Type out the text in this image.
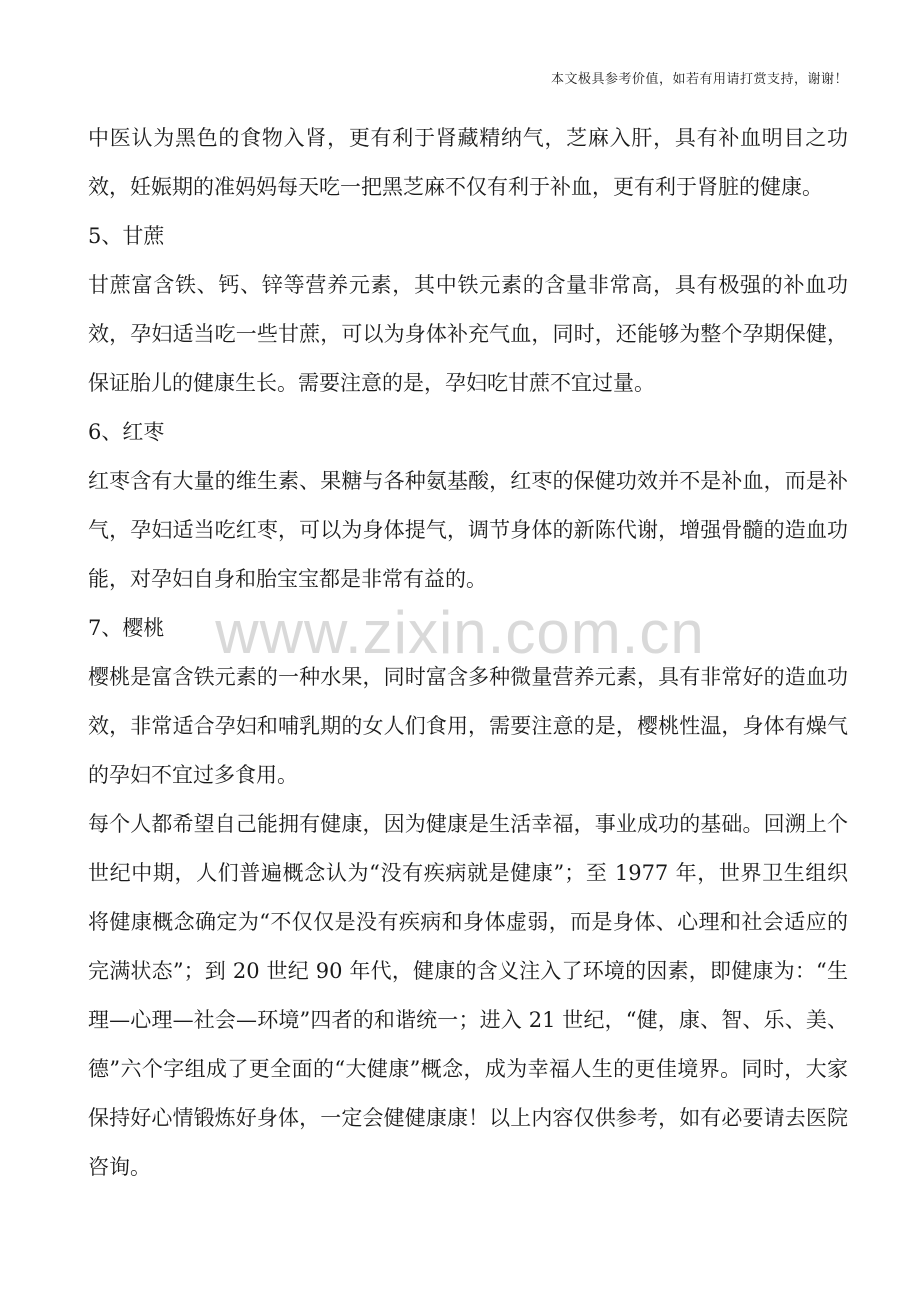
本文极具参考价值，如若有用请打赏支持，谢谢！
www.zixin.com.cn

中医认为黑色的食物入肾，更有利于肾藏精纳气，芝麻入肝，具有补血明目之功效，妊娠期的准妈妈每天吃一把黑芝麻不仅有利于补血，更有利于肾脏的健康。

5、甘蔗

甘蔗富含铁、钙、锌等营养元素，其中铁元素的含量非常高，具有极强的补血功效，孕妇适当吃一些甘蔗，可以为身体补充气血，同时，还能够为整个孕期保健，保证胎儿的健康生长。需要注意的是，孕妇吃甘蔗不宜过量。

6、红枣

红枣含有大量的维生素、果糖与各种氨基酸，红枣的保健功效并不是补血，而是补气，孕妇适当吃红枣，可以为身体提气，调节身体的新陈代谢，增强骨髓的造血功能，对孕妇自身和胎宝宝都是非常有益的。

7、樱桃

樱桃是富含铁元素的一种水果，同时富含多种微量营养元素，具有非常好的造血功效，非常适合孕妇和哺乳期的女人们食用，需要注意的是，樱桃性温，身体有燥气的孕妇不宜过多食用。

每个人都希望自己能拥有健康，因为健康是生活幸福，事业成功的基础。回溯上个世纪中期，人们普遍概念认为“没有疾病就是健康”；至 1977 年，世界卫生组织将健康概念确定为“不仅仅是没有疾病和身体虚弱，而是身体、心理和社会适应的完满状态”；到 20 世纪 90 年代，健康的含义注入了环境的因素，即健康为：“生理—心理—社会—环境”四者的和谐统一；进入 21 世纪，“健，康、智、乐、美、德”六个字组成了更全面的“大健康”概念，成为幸福人生的更佳境界。同时，大家保持好心情锻炼好身体，一定会健健康康！以上内容仅供参考，如有必要请去医院咨询。
